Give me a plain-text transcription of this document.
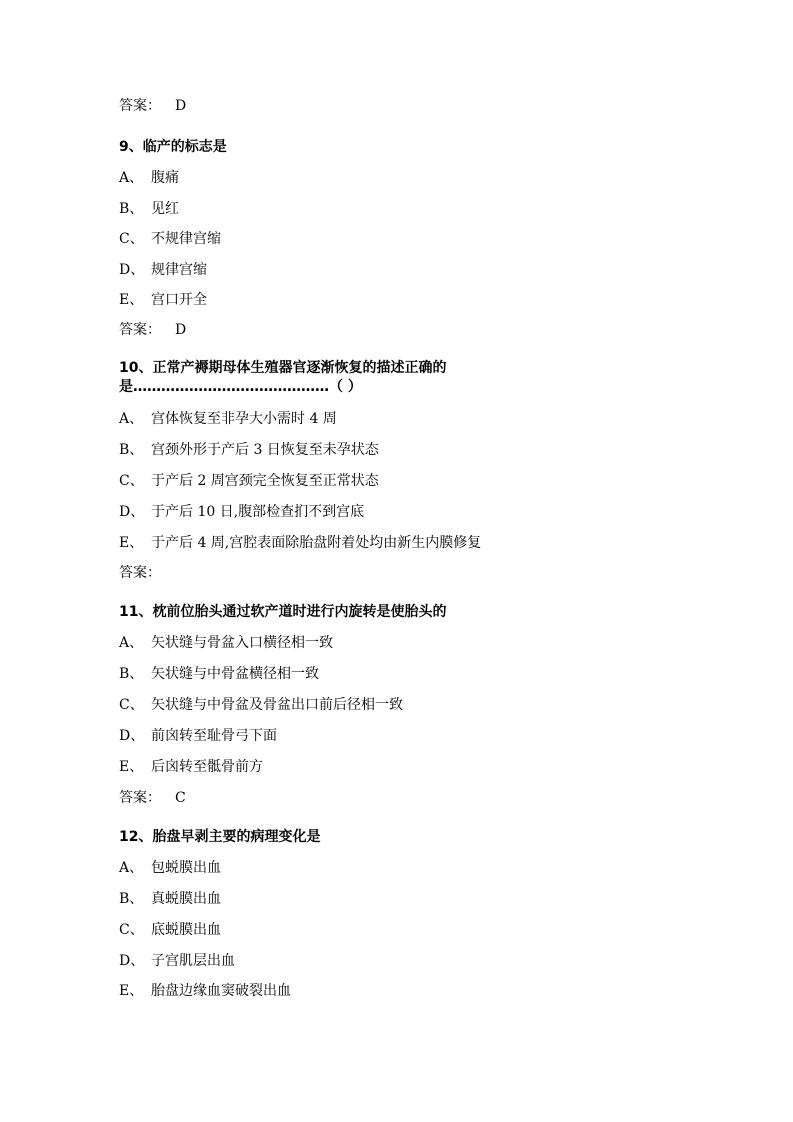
答案： D
9、临产的标志是
A、 腹痛
B、 见红
C、 不规律宫缩
D、 规律宫缩
E、 宫口开全
答案： D
10、正常产褥期母体生殖器官逐渐恢复的描述正确的
是……………………………………（ ）
A、 宫体恢复至非孕大小需时 4 周
B、 宫颈外形于产后 3 日恢复至未孕状态
C、 于产后 2 周宫颈完全恢复至正常状态
D、 于产后 10 日,腹部检查扪不到宫底
E、 于产后 4 周,宫腔表面除胎盘附着处均由新生内膜修复
答案：
11、枕前位胎头通过软产道时进行内旋转是使胎头的
A、 矢状缝与骨盆入口横径相一致
B、 矢状缝与中骨盆横径相一致
C、 矢状缝与中骨盆及骨盆出口前后径相一致
D、 前囟转至耻骨弓下面
E、 后囟转至骶骨前方
答案： C
12、胎盘早剥主要的病理变化是
A、 包蜕膜出血
B、 真蜕膜出血
C、 底蜕膜出血
D、 子宫肌层出血
E、 胎盘边缘血窦破裂出血
